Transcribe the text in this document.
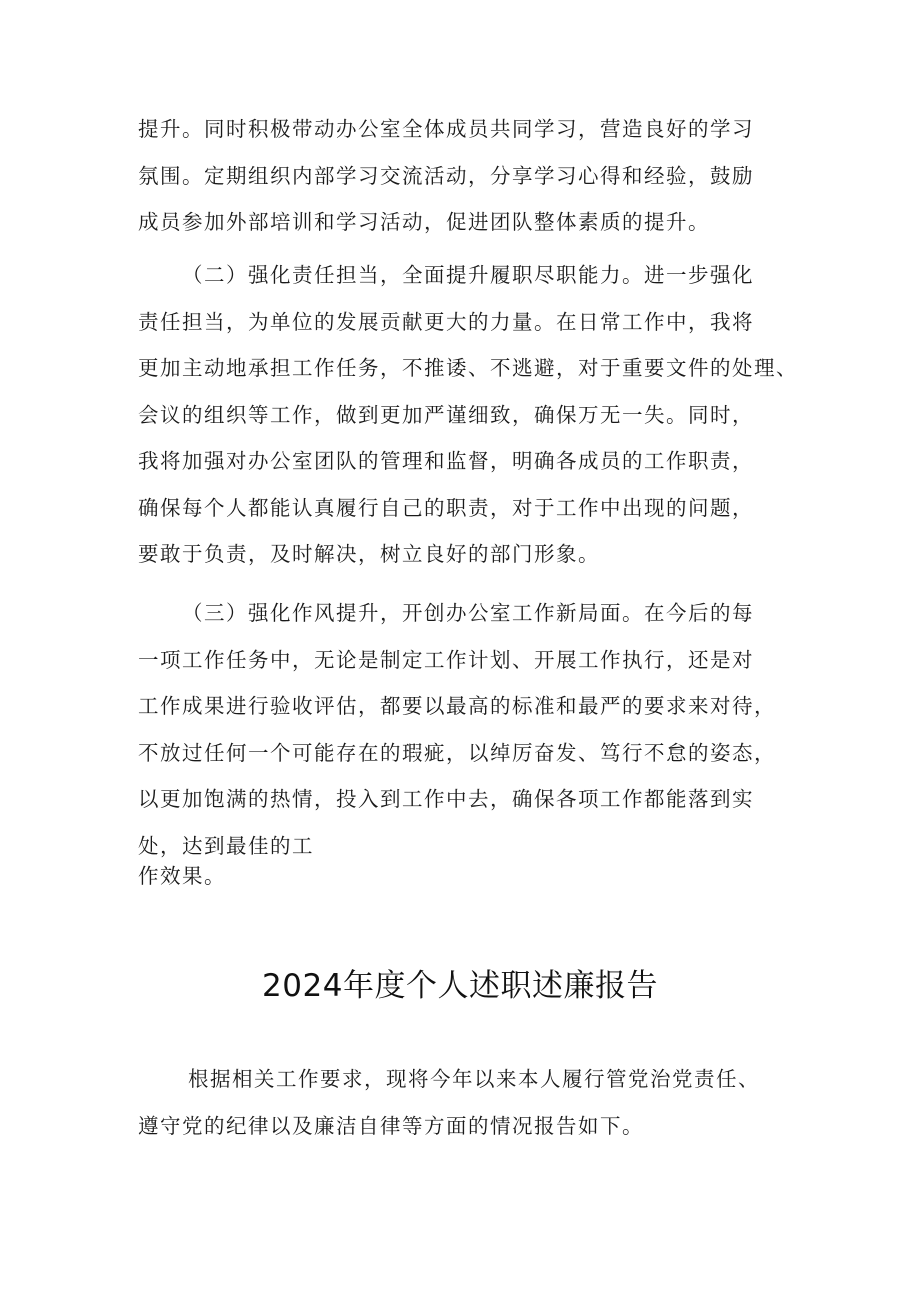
提升。同时积极带动办公室全体成员共同学习，营造良好的学习
氛围。定期组织内部学习交流活动，分享学习心得和经验，鼓励
成员参加外部培训和学习活动，促进团队整体素质的提升。
（二）强化责任担当，全面提升履职尽职能力。进一步强化
责任担当，为单位的发展贡献更大的力量。在日常工作中，我将
更加主动地承担工作任务，不推诿、不逃避，对于重要文件的处理、
会议的组织等工作，做到更加严谨细致，确保万无一失。同时，
我将加强对办公室团队的管理和监督，明确各成员的工作职责，
确保每个人都能认真履行自己的职责，对于工作中出现的问题，
要敢于负责，及时解决，树立良好的部门形象。
（三）强化作风提升，开创办公室工作新局面。在今后的每
一项工作任务中，无论是制定工作计划、开展工作执行，还是对
工作成果进行验收评估，都要以最高的标准和最严的要求来对待，
不放过任何一个可能存在的瑕疵，以绰厉奋发、笃行不怠的姿态，
以更加饱满的热情，投入到工作中去，确保各项工作都能落到实
处，达到最佳的工
作效果。
2024年度个人述职述廉报告
根据相关工作要求，现将今年以来本人履行管党治党责任、
遵守党的纪律以及廉洁自律等方面的情况报告如下。
